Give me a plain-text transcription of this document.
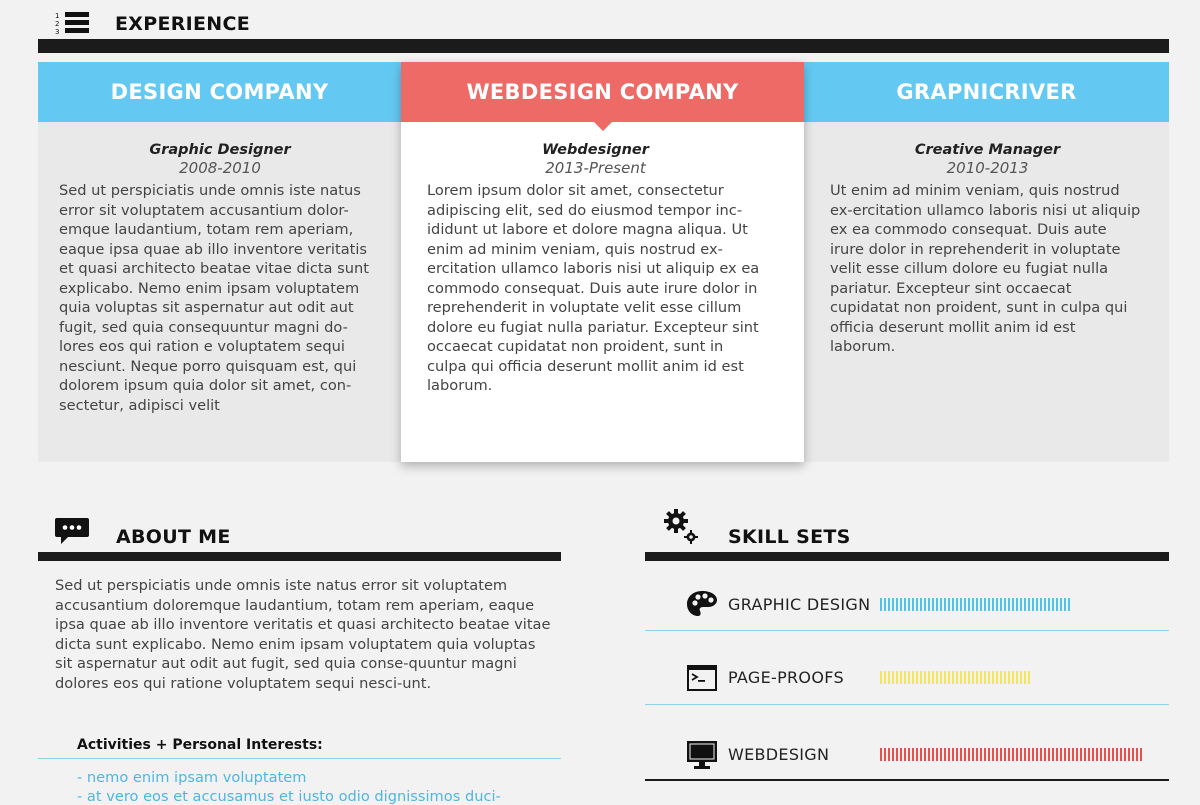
1
2
3	EXPERIENCE
DESIGN COMPANY
Graphic Designer
2008-2010
Sed ut perspiciatis unde omnis iste natus error sit voluptatem accusantium dolor-emque laudantium, totam rem aperiam, eaque ipsa quae ab illo inventore veritatis et quasi architecto beatae vitae dicta sunt explicabo. Nemo enim ipsam voluptatem quia voluptas sit aspernatur aut odit aut fugit, sed quia consequuntur magni do-lores eos qui ration e voluptatem sequi nesciunt. Neque porro quisquam est, qui dolorem ipsum quia dolor sit amet, con-sectetur, adipisci velit
WEBDESIGN COMPANY
Webdesigner
2013-Present
Lorem ipsum dolor sit amet, consectetur adipiscing elit, sed do eiusmod tempor inc-ididunt ut labore et dolore magna aliqua. Ut enim ad minim veniam, quis nostrud ex-ercitation ullamco laboris nisi ut aliquip ex ea commodo consequat. Duis aute irure dolor in reprehenderit in voluptate velit esse cillum dolore eu fugiat nulla pariatur. Excepteur sint occaecat cupidatat non proident, sunt in culpa qui officia deserunt mollit anim id est laborum.
GRAPNICRIVER
Creative Manager
2010-2013
Ut enim ad minim veniam, quis nostrud ex-ercitation ullamco laboris nisi ut aliquip ex ea commodo consequat. Duis aute irure dolor in reprehenderit in voluptate velit esse cillum dolore eu fugiat nulla pariatur. Excepteur sint occaecat cupidatat non proident, sunt in culpa qui officia deserunt mollit anim id est laborum.
ABOUT ME
Sed ut perspiciatis unde omnis iste natus error sit voluptatem accusantium doloremque laudantium, totam rem aperiam, eaque ipsa quae ab illo inventore veritatis et quasi architecto beatae vitae dicta sunt explicabo. Nemo enim ipsam voluptatem quia voluptas sit aspernatur aut odit aut fugit, sed quia conse-quuntur magni dolores eos qui ratione voluptatem sequi nesci-unt.
Activities + Personal Interests:
- nemo enim ipsam voluptatem
- at vero eos et accusamus et iusto odio dignissimos duci-
SKILL SETS
GRAPHIC DESIGN
PAGE-PROOFS
WEBDESIGN
